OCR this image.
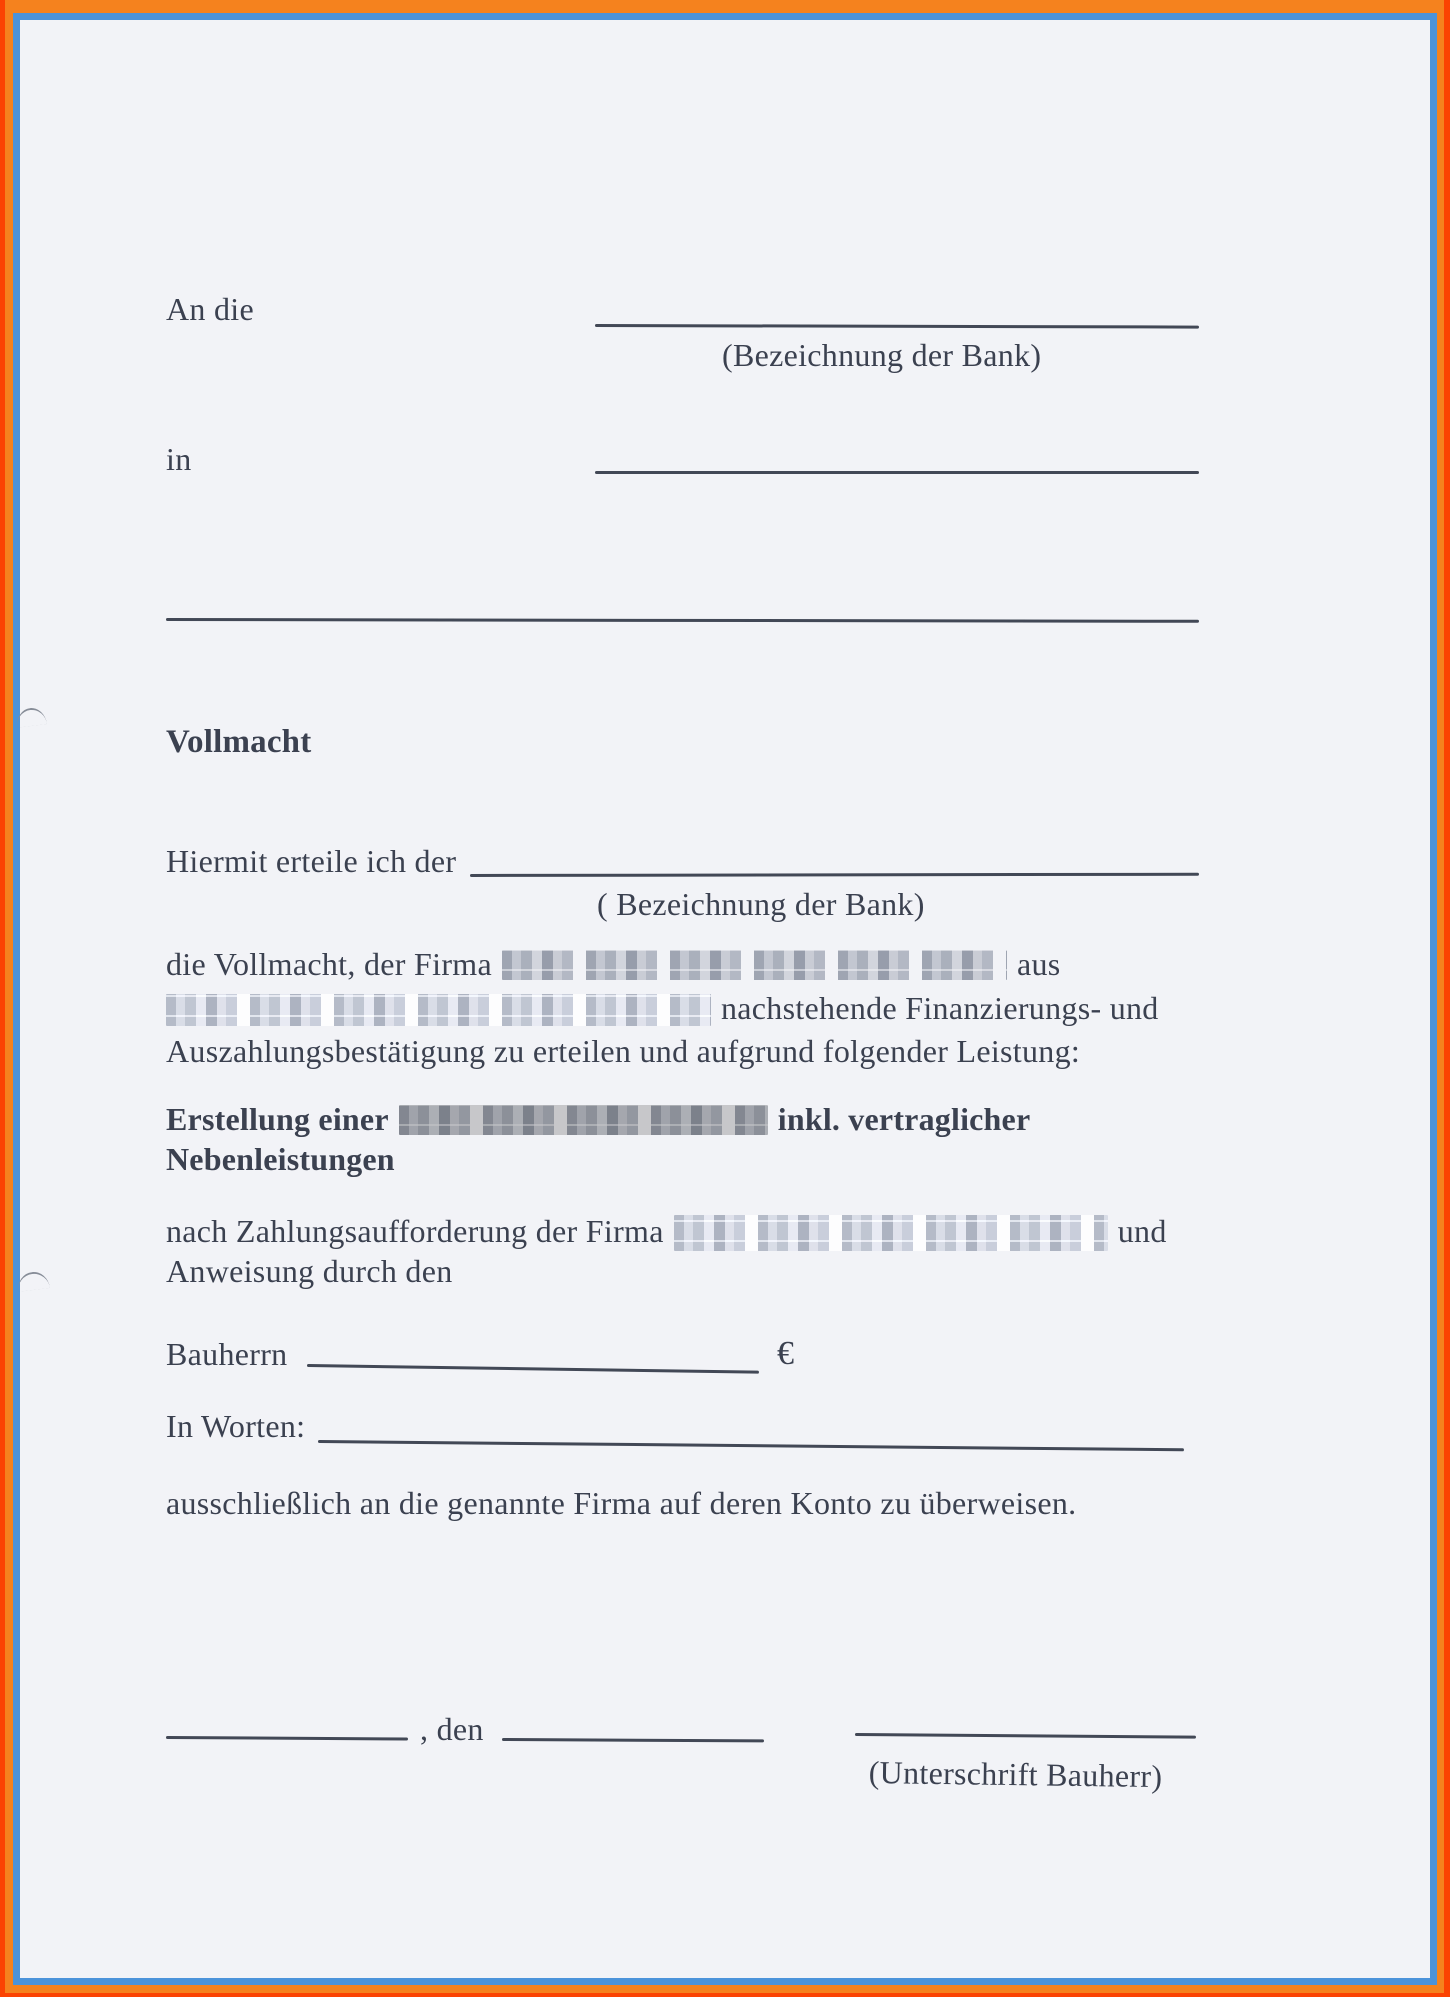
An die
(Bezeichnung der Bank)
in
Vollmacht
Hiermit erteile ich der
( Bezeichnung der Bank)
die Vollmacht, der Firma	aus
nachstehende Finanzierungs- und
Auszahlungsbestätigung zu erteilen und aufgrund folgender Leistung:
Erstellung einer	inkl. vertraglicher
Nebenleistungen
nach Zahlungsaufforderung der Firma	und
Anweisung durch den
Bauherrn	€
In Worten:
ausschließlich an die genannte Firma auf deren Konto zu überweisen.
, den
(Unterschrift Bauherr)
